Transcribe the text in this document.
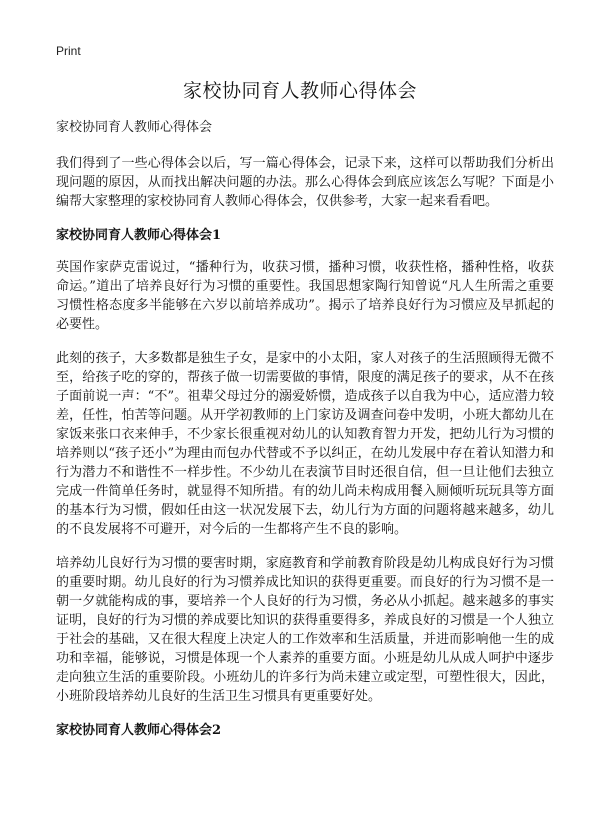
Print
家校协同育人教师心得体会

家校协同育人教师心得体会

我们得到了一些心得体会以后，写一篇心得体会，记录下来，这样可以帮助我们分析出现问题的原因，从而找出解决问题的办法。那么心得体会到底应该怎么写呢？下面是小编帮大家整理的家校协同育人教师心得体会，仅供参考，大家一起来看看吧。

家校协同育人教师心得体会1

英国作家萨克雷说过，“播种行为，收获习惯，播种习惯，收获性格，播种性格，收获命运。”道出了培养良好行为习惯的重要性。我国思想家陶行知曾说“凡人生所需之重要习惯性格态度多半能够在六岁以前培养成功”。揭示了培养良好行为习惯应及早抓起的必要性。

此刻的孩子，大多数都是独生子女，是家中的小太阳，家人对孩子的生活照顾得无微不至，给孩子吃的穿的，帮孩子做一切需要做的事情，限度的满足孩子的要求，从不在孩子面前说一声：“不”。祖辈父母过分的溺爱娇惯，造成孩子以自我为中心，适应潜力较差，任性，怕苦等问题。从开学初教师的上门家访及调查问卷中发明，小班大都幼儿在家饭来张口衣来伸手，不少家长很重视对幼儿的认知教育智力开发，把幼儿行为习惯的培养则以“孩子还小”为理由而包办代替或不予以纠正，在幼儿发展中存在着认知潜力和行为潜力不和谐性不一样步性。不少幼儿在表演节目时还很自信，但一旦让他们去独立完成一件简单任务时，就显得不知所措。有的幼儿尚未构成用餐入厕倾听玩玩具等方面的基本行为习惯，假如任由这一状况发展下去，幼儿行为方面的问题将越来越多，幼儿的不良发展将不可避开，对今后的一生都将产生不良的影响。

培养幼儿良好行为习惯的要害时期，家庭教育和学前教育阶段是幼儿构成良好行为习惯的重要时期。幼儿良好的行为习惯养成比知识的获得更重要。而良好的行为习惯不是一朝一夕就能构成的事，要培养一个人良好的行为习惯，务必从小抓起。越来越多的事实证明，良好的行为习惯的养成要比知识的获得重要得多，养成良好的习惯是一个人独立于社会的基础，又在很大程度上决定人的工作效率和生活质量，并进而影响他一生的成功和幸福，能够说，习惯是体现一个人素养的重要方面。小班是幼儿从成人呵护中逐步走向独立生活的重要阶段。小班幼儿的许多行为尚未建立或定型，可塑性很大，因此，小班阶段培养幼儿良好的生活卫生习惯具有更重要好处。

家校协同育人教师心得体会2
